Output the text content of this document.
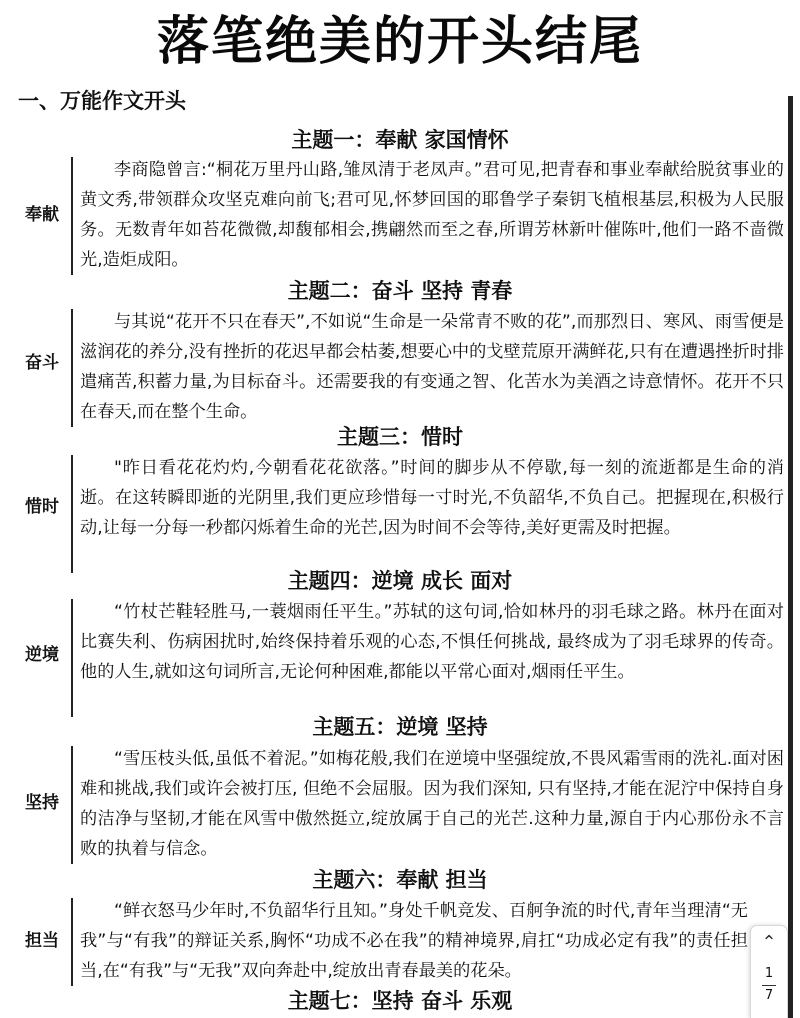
落笔绝美的开头结尾
一、万能作文开头
主题一：奉献 家国情怀
奉献
李商隐曾言:“桐花万里丹山路,雏凤清于老凤声。”君可见,把青春和事业奉献给脱贫事业的黄文秀,带领群众攻坚克难向前飞;君可见,怀梦回国的耶鲁学子秦钥飞植根基层,积极为人民服务。无数青年如苔花微微,却馥郁相会,携翩然而至之春,所谓芳林新叶催陈叶,他们一路不啬微光,造炬成阳。
主题二：奋斗 坚持 青春
奋斗
与其说“花开不只在春天”,不如说“生命是一朵常青不败的花”,而那烈日、寒风、雨雪便是滋润花的养分,没有挫折的花迟早都会枯萎,想要心中的戈壁荒原开满鲜花,只有在遭遇挫折时排遣痛苦,积蓄力量,为目标奋斗。还需要我的有变通之智、化苦水为美酒之诗意情怀。花开不只在春天,而在整个生命。
主题三：惜时
惜时
"昨日看花花灼灼,今朝看花花欲落。”时间的脚步从不停歇,每一刻的流逝都是生命的消逝。在这转瞬即逝的光阴里,我们更应珍惜每一寸时光,不负韶华,不负自己。把握现在,积极行动,让每一分每一秒都闪烁着生命的光芒,因为时间不会等待,美好更需及时把握。
主题四：逆境 成长 面对
逆境
“竹杖芒鞋轻胜马,一蓑烟雨任平生。”苏轼的这句词,恰如林丹的羽毛球之路。林丹在面对比赛失利、伤病困扰时,始终保持着乐观的心态,不惧任何挑战, 最终成为了羽毛球界的传奇。他的人生,就如这句词所言,无论何种困难,都能以平常心面对,烟雨任平生。
主题五：逆境 坚持
坚持
“雪压枝头低,虽低不着泥。”如梅花般,我们在逆境中坚强绽放,不畏风霜雪雨的洗礼.面对困难和挑战,我们或许会被打压, 但绝不会屈服。因为我们深知, 只有坚持,才能在泥泞中保持自身的洁净与坚韧,才能在风雪中傲然挺立,绽放属于自己的光芒.这种力量,源自于内心那份永不言败的执着与信念。
主题六：奉献 担当
担当
“鲜衣怒马少年时,不负韶华行且知。”身处千帆竞发、百舸争流的时代,青年当理清“无我”与“有我”的辩证关系,胸怀“功成不必在我”的精神境界,肩扛“功成必定有我”的责任担当,在“有我”与“无我”双向奔赴中,绽放出青春最美的花朵。
主题七：坚持 奋斗 乐观
⌃
1
7
